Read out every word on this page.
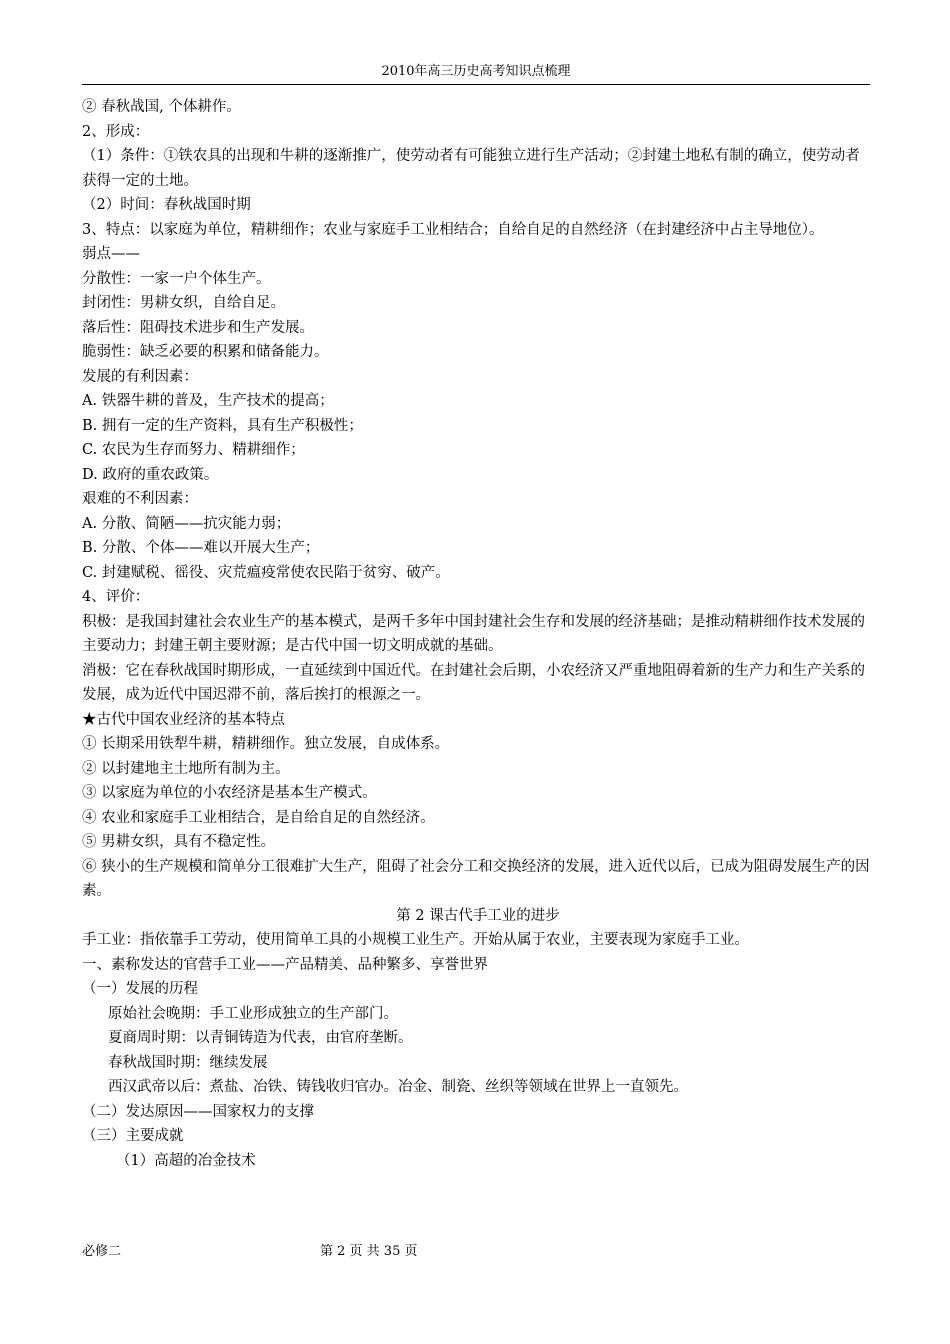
2010年高三历史高考知识点梳理
② 春秋战国, 个体耕作。
2、形成：
（1）条件：①铁农具的出现和牛耕的逐渐推广，使劳动者有可能独立进行生产活动；②封建土地私有制的确立，使劳动者获得一定的土地。
（2）时间：春秋战国时期
3、特点：以家庭为单位，精耕细作；农业与家庭手工业相结合；自给自足的自然经济（在封建经济中占主导地位）。
弱点——
分散性：一家一户个体生产。
封闭性：男耕女织，自给自足。
落后性：阻碍技术进步和生产发展。
脆弱性：缺乏必要的积累和储备能力。
发展的有利因素：
A. 铁器牛耕的普及，生产技术的提高；
B. 拥有一定的生产资料，具有生产积极性；
C. 农民为生存而努力、精耕细作；
D. 政府的重农政策。
艰难的不利因素：
A. 分散、简陋——抗灾能力弱；
B. 分散、个体——难以开展大生产；
C. 封建赋税、徭役、灾荒瘟疫常使农民陷于贫穷、破产。
4、评价：
积极：是我国封建社会农业生产的基本模式，是两千多年中国封建社会生存和发展的经济基础；是推动精耕细作技术发展的主要动力；封建王朝主要财源；是古代中国一切文明成就的基础。
消极：它在春秋战国时期形成，一直延续到中国近代。在封建社会后期，小农经济又严重地阻碍着新的生产力和生产关系的发展，成为近代中国迟滞不前，落后挨打的根源之一。
★古代中国农业经济的基本特点
① 长期采用铁犁牛耕，精耕细作。独立发展，自成体系。
② 以封建地主土地所有制为主。
③ 以家庭为单位的小农经济是基本生产模式。
④ 农业和家庭手工业相结合，是自给自足的自然经济。
⑤ 男耕女织，具有不稳定性。
⑥ 狭小的生产规模和简单分工很难扩大生产，阻碍了社会分工和交换经济的发展，进入近代以后，已成为阻碍发展生产的因素。
第 2 课古代手工业的进步
手工业：指依靠手工劳动，使用简单工具的小规模工业生产。开始从属于农业，主要表现为家庭手工业。
一、素称发达的官营手工业——产品精美、品种繁多、享誉世界
（一）发展的历程
原始社会晚期：手工业形成独立的生产部门。
夏商周时期：以青铜铸造为代表，由官府垄断。
春秋战国时期：继续发展
西汉武帝以后：煮盐、冶铁、铸钱收归官办。冶金、制瓷、丝织等领域在世界上一直领先。
（二）发达原因——国家权力的支撑
（三）主要成就
（1）高超的冶金技术
必修二	第 2 页 共 35 页
